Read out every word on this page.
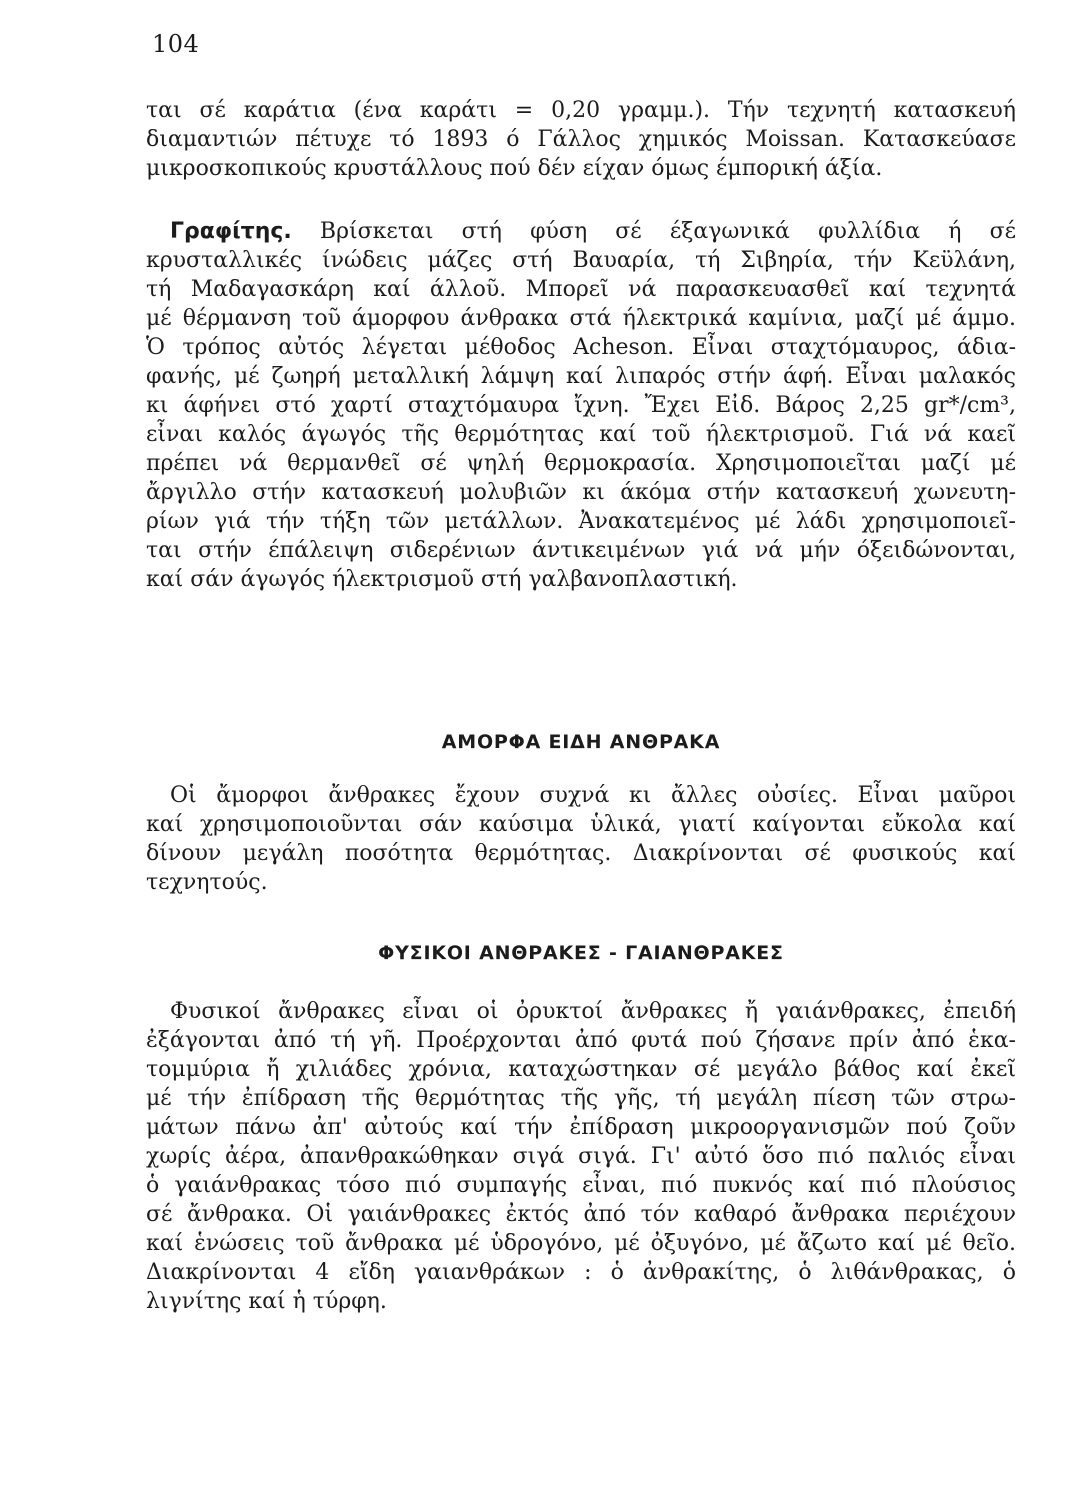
104
ται σέ καράτια (ένα καράτι = 0,20 γραμμ.). Τήν τεχνητή κατασκευή
διαμαντιών πέτυχε τό 1893 ό Γάλλος χημικός Moissan. Κατασκεύασε
μικροσκοπικούς κρυστάλλους πού δέν είχαν όμως έμπορική άξία.
Γραφίτης. Βρίσκεται στή φύση σέ έξαγωνικά φυλλίδια ή σέ
κρυσταλλικές ίνώδεις μάζες στή Βαυαρία, τή Σιβηρία, τήν Κεϋλάνη,
τή Μαδαγασκάρη καί άλλοῦ. Μπορεῖ νά παρασκευασθεῖ καί τεχνητά
μέ θέρμανση τοῦ άμορφου άνθρακα στά ήλεκτρικά καμίνια, μαζί μέ άμμο.
Ὁ τρόπος αὐτός λέγεται μέθοδος Acheson. Εἶναι σταχτόμαυρος, άδια-
φανής, μέ ζωηρή μεταλλική λάμψη καί λιπαρός στήν άφή. Εἶναι μαλακός
κι άφήνει στό χαρτί σταχτόμαυρα ἴχνη. Ἔχει Εἰδ. Βάρος 2,25 gr*/cm³,
εἶναι καλός άγωγός τῆς θερμότητας καί τοῦ ήλεκτρισμοῦ. Γιά νά καεῖ
πρέπει νά θερμανθεῖ σέ ψηλή θερμοκρασία. Χρησιμοποιεῖται μαζί μέ
ἄργιλλο στήν κατασκευή μολυβιῶν κι άκόμα στήν κατασκευή χωνευτη-
ρίων γιά τήν τήξη τῶν μετάλλων. Ἀνακατεμένος μέ λάδι χρησιμοποιεῖ-
ται στήν έπάλειψη σιδερένιων άντικειμένων γιά νά μήν όξειδώνονται,
καί σάν άγωγός ήλεκτρισμοῦ στή γαλβανοπλαστική.
ΑΜΟΡΦΑ ΕΙΔΗ ΑΝΘΡΑΚΑ
Οἱ ἄμορφοι ἄνθρακες ἔχουν συχνά κι ἄλλες οὐσίες. Εἶναι μαῦροι
καί χρησιμοποιοῦνται σάν καύσιμα ὑλικά, γιατί καίγονται εὔκολα καί
δίνουν μεγάλη ποσότητα θερμότητας. Διακρίνονται σέ φυσικούς καί
τεχνητούς.
ΦΥΣΙΚΟΙ ΑΝΘΡΑΚΕΣ - ΓΑΙΑΝΘΡΑΚΕΣ
Φυσικοί ἄνθρακες εἶναι οἱ ὀρυκτοί ἄνθρακες ἤ γαιάνθρακες, ἐπειδή
ἐξάγονται ἀπό τή γῆ. Προέρχονται ἀπό φυτά πού ζήσανε πρίν ἀπό ἑκα-
τομμύρια ἤ χιλιάδες χρόνια, καταχώστηκαν σέ μεγάλο βάθος καί ἐκεῖ
μέ τήν ἐπίδραση τῆς θερμότητας τῆς γῆς, τή μεγάλη πίεση τῶν στρω-
μάτων πάνω ἀπ' αὐτούς καί τήν ἐπίδραση μικροοργανισμῶν πού ζοῦν
χωρίς ἀέρα, ἀπανθρακώθηκαν σιγά σιγά. Γι' αὐτό ὅσο πιό παλιός εἶναι
ὁ γαιάνθρακας τόσο πιό συμπαγής εἶναι, πιό πυκνός καί πιό πλούσιος
σέ ἄνθρακα. Οἱ γαιάνθρακες ἐκτός ἀπό τόν καθαρό ἄνθρακα περιέχουν
καί ἑνώσεις τοῦ ἄνθρακα μέ ὑδρογόνο, μέ ὀξυγόνο, μέ ἄζωτο καί μέ θεῖο.
Διακρίνονται 4 εἴδη γαιανθράκων : ὁ ἀνθρακίτης, ὁ λιθάνθρακας, ὁ
λιγνίτης καί ἡ τύρφη.
